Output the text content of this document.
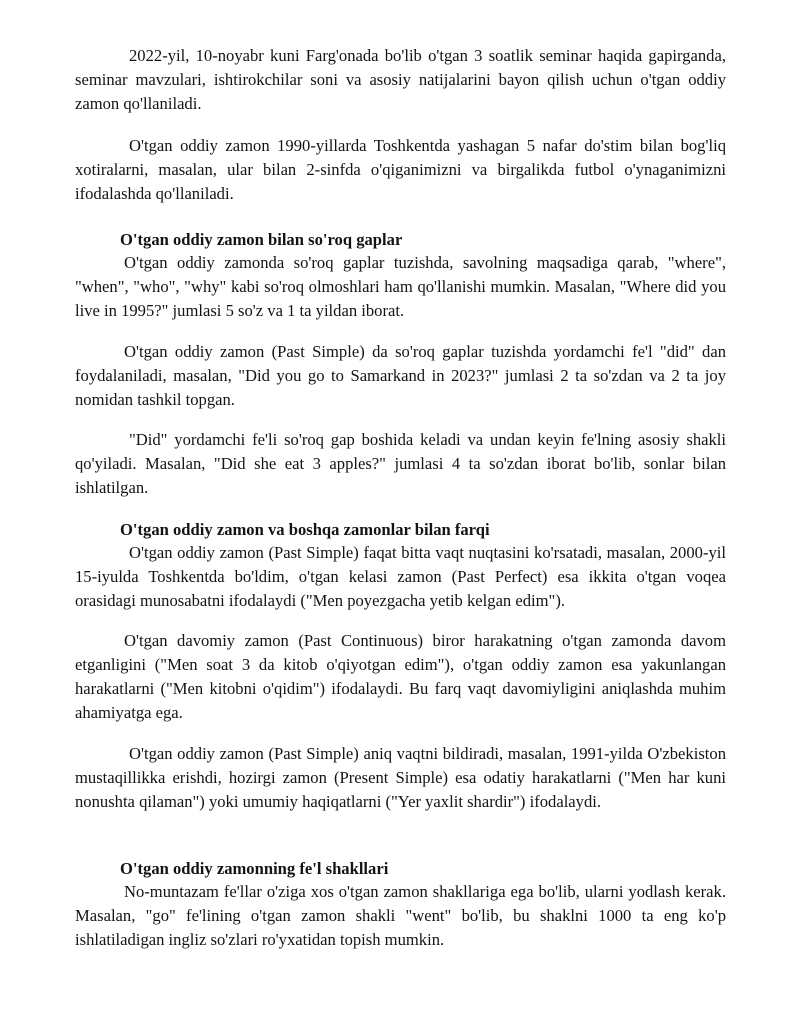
2022-yil, 10-noyabr kuni Farg'onada bo'lib o'tgan 3 soatlik seminar haqida gapirganda, seminar mavzulari, ishtirokchilar soni va asosiy natijalarini bayon qilish uchun o'tgan oddiy zamon qo'llaniladi.

O'tgan oddiy zamon 1990-yillarda Toshkentda yashagan 5 nafar do'stim bilan bog'liq xotiralarni, masalan, ular bilan 2-sinfda o'qiganimizni va birgalikda futbol o'ynaganimizni ifodalashda qo'llaniladi.

O'tgan oddiy zamon bilan so'roq gaplar

O'tgan oddiy zamonda so'roq gaplar tuzishda, savolning maqsadiga qarab, "where", "when", "who", "why" kabi so'roq olmoshlari ham qo'llanishi mumkin. Masalan, "Where did you live in 1995?" jumlasi 5 so'z va 1 ta yildan iborat.

O'tgan oddiy zamon (Past Simple) da so'roq gaplar tuzishda yordamchi fe'l "did" dan foydalaniladi, masalan, "Did you go to Samarkand in 2023?" jumlasi 2 ta so'zdan va 2 ta joy nomidan tashkil topgan.

"Did" yordamchi fe'li so'roq gap boshida keladi va undan keyin fe'lning asosiy shakli qo'yiladi. Masalan, "Did she eat 3 apples?" jumlasi 4 ta so'zdan iborat bo'lib, sonlar bilan ishlatilgan.

O'tgan oddiy zamon va boshqa zamonlar bilan farqi

O'tgan oddiy zamon (Past Simple) faqat bitta vaqt nuqtasini ko'rsatadi, masalan, 2000-yil 15-iyulda Toshkentda bo'ldim, o'tgan kelasi zamon (Past Perfect) esa ikkita o'tgan voqea orasidagi munosabatni ifodalaydi ("Men poyezgacha yetib kelgan edim").

O'tgan davomiy zamon (Past Continuous) biror harakatning o'tgan zamonda davom etganligini ("Men soat 3 da kitob o'qiyotgan edim"), o'tgan oddiy zamon esa yakunlangan harakatlarni ("Men kitobni o'qidim") ifodalaydi. Bu farq vaqt davomiyligini aniqlashda muhim ahamiyatga ega.

O'tgan oddiy zamon (Past Simple) aniq vaqtni bildiradi, masalan, 1991-yilda O'zbekiston mustaqillikka erishdi, hozirgi zamon (Present Simple) esa odatiy harakatlarni ("Men har kuni nonushta qilaman") yoki umumiy haqiqatlarni ("Yer yaxlit shardir") ifodalaydi.

O'tgan oddiy zamonning fe'l shakllari

No-muntazam fe'llar o'ziga xos o'tgan zamon shakllariga ega bo'lib, ularni yodlash kerak. Masalan, "go" fe'lining o'tgan zamon shakli "went" bo'lib, bu shaklni 1000 ta eng ko'p ishlatiladigan ingliz so'zlari ro'yxatidan topish mumkin.
